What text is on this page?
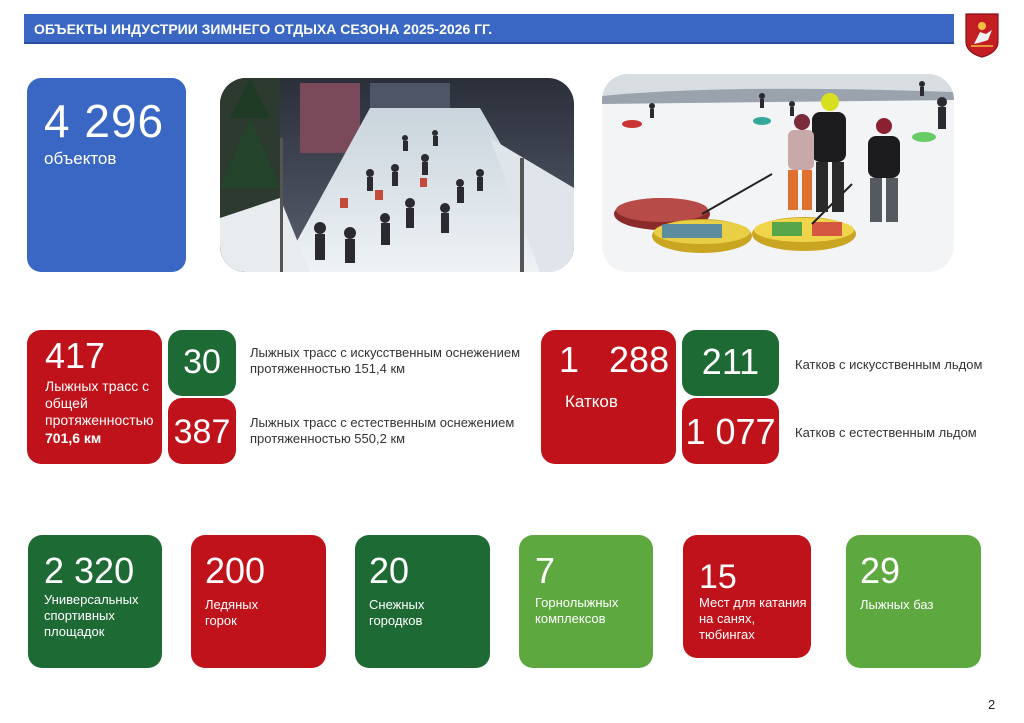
ОБЪЕКТЫ ИНДУСТРИИ ЗИМНЕГО ОТДЫХА СЕЗОНА 2025-2026 ГГ.
4 296
объектов
417
Лыжных трасс с общей протяженностью
701,6 км
30
387
Лыжных трасс с искусственным оснежением протяженностью 151,4 км
Лыжных трасс с естественным оснежением протяженностью 550,2 км
1   288
Катков
211
1 077
Катков с искусственным льдом
Катков с естественным льдом
2 320
Универсальных спортивных площадок
200
Ледяных горок
20
Снежных городков
7
Горнолыжных комплексов
15
Мест для катания на санях, тюбингах
29
Лыжных баз
2
